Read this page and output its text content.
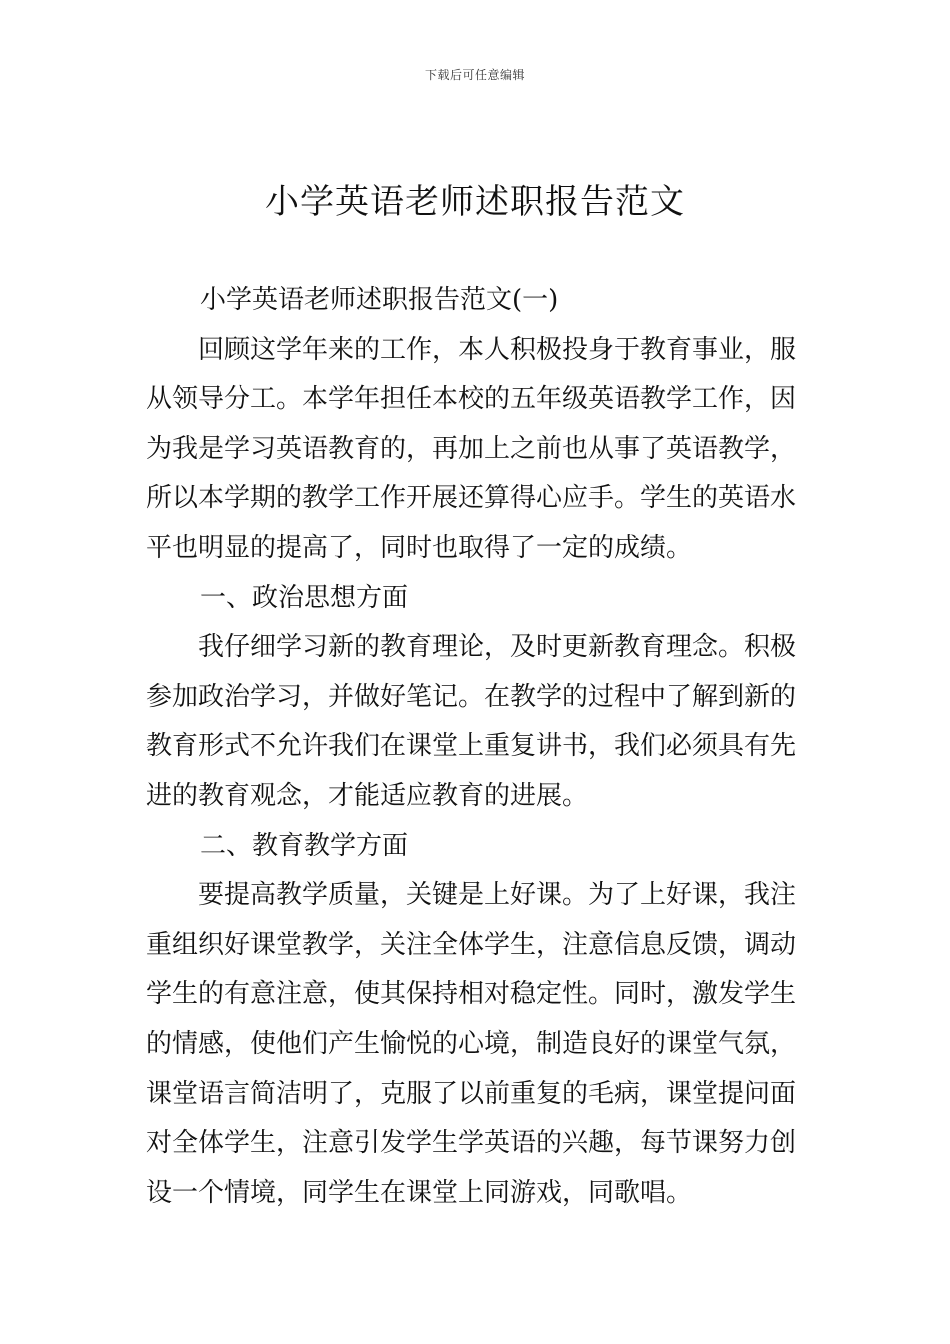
下载后可任意编辑
小学英语老师述职报告范文

小学英语老师述职报告范文(一)

回顾这学年来的工作，本人积极投身于教育事业，服

从领导分工。本学年担任本校的五年级英语教学工作，因

为我是学习英语教育的，再加上之前也从事了英语教学，

所以本学期的教学工作开展还算得心应手。学生的英语水

平也明显的提高了，同时也取得了一定的成绩。

一、政治思想方面

我仔细学习新的教育理论，及时更新教育理念。积极

参加政治学习，并做好笔记。在教学的过程中了解到新的

教育形式不允许我们在课堂上重复讲书，我们必须具有先

进的教育观念，才能适应教育的进展。

二、教育教学方面

要提高教学质量，关键是上好课。为了上好课，我注

重组织好课堂教学，关注全体学生，注意信息反馈，调动

学生的有意注意，使其保持相对稳定性。同时，激发学生

的情感，使他们产生愉悦的心境，制造良好的课堂气氛，

课堂语言简洁明了，克服了以前重复的毛病，课堂提问面

对全体学生，注意引发学生学英语的兴趣，每节课努力创

设一个情境，同学生在课堂上同游戏，同歌唱。
